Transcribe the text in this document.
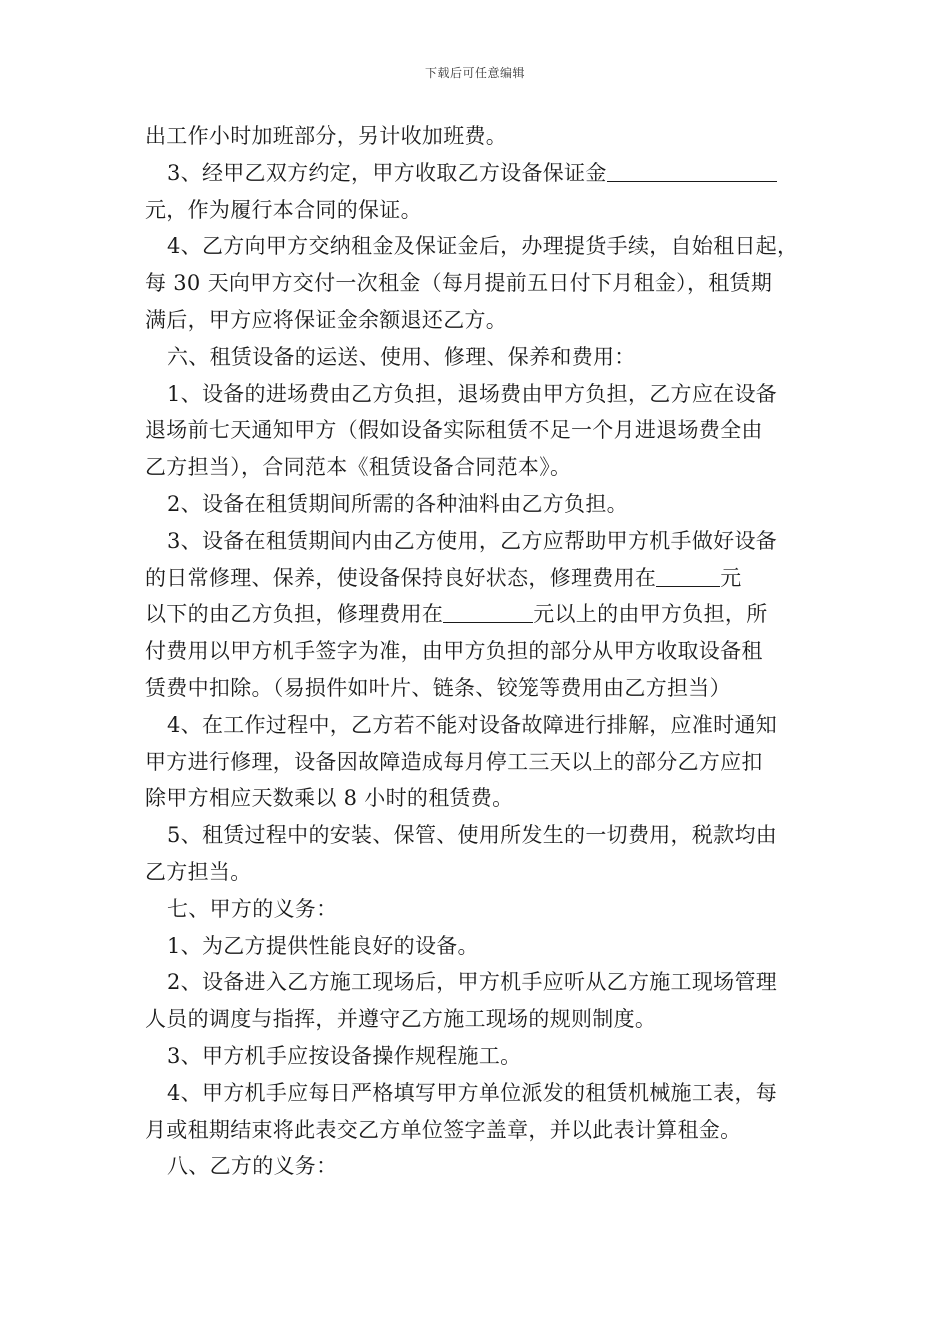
下载后可任意编辑
出工作小时加班部分，另计收加班费。
3、经甲乙双方约定，甲方收取乙方设备保证金
元，作为履行本合同的保证。
4、乙方向甲方交纳租金及保证金后，办理提货手续，自始租日起，
每 30 天向甲方交付一次租金（每月提前五日付下月租金），租赁期
满后，甲方应将保证金余额退还乙方。
六、租赁设备的运送、使用、修理、保养和费用：
1、设备的进场费由乙方负担，退场费由甲方负担，乙方应在设备
退场前七天通知甲方（假如设备实际租赁不足一个月进退场费全由
乙方担当），合同范本《租赁设备合同范本》。
2、设备在租赁期间所需的各种油料由乙方负担。
3、设备在租赁期间内由乙方使用，乙方应帮助甲方机手做好设备
的日常修理、保养，使设备保持良好状态，修理费用在	元
以下的由乙方负担，修理费用在	元以上的由甲方负担，所
付费用以甲方机手签字为准，由甲方负担的部分从甲方收取设备租
赁费中扣除。（易损件如叶片、链条、铰笼等费用由乙方担当）
4、在工作过程中，乙方若不能对设备故障进行排解，应准时通知
甲方进行修理，设备因故障造成每月停工三天以上的部分乙方应扣
除甲方相应天数乘以 8 小时的租赁费。
5、租赁过程中的安装、保管、使用所发生的一切费用，税款均由
乙方担当。
七、甲方的义务：
1、为乙方提供性能良好的设备。
2、设备进入乙方施工现场后，甲方机手应听从乙方施工现场管理
人员的调度与指挥，并遵守乙方施工现场的规则制度。
3、甲方机手应按设备操作规程施工。
4、甲方机手应每日严格填写甲方单位派发的租赁机械施工表，每
月或租期结束将此表交乙方单位签字盖章，并以此表计算租金。
八、乙方的义务：
